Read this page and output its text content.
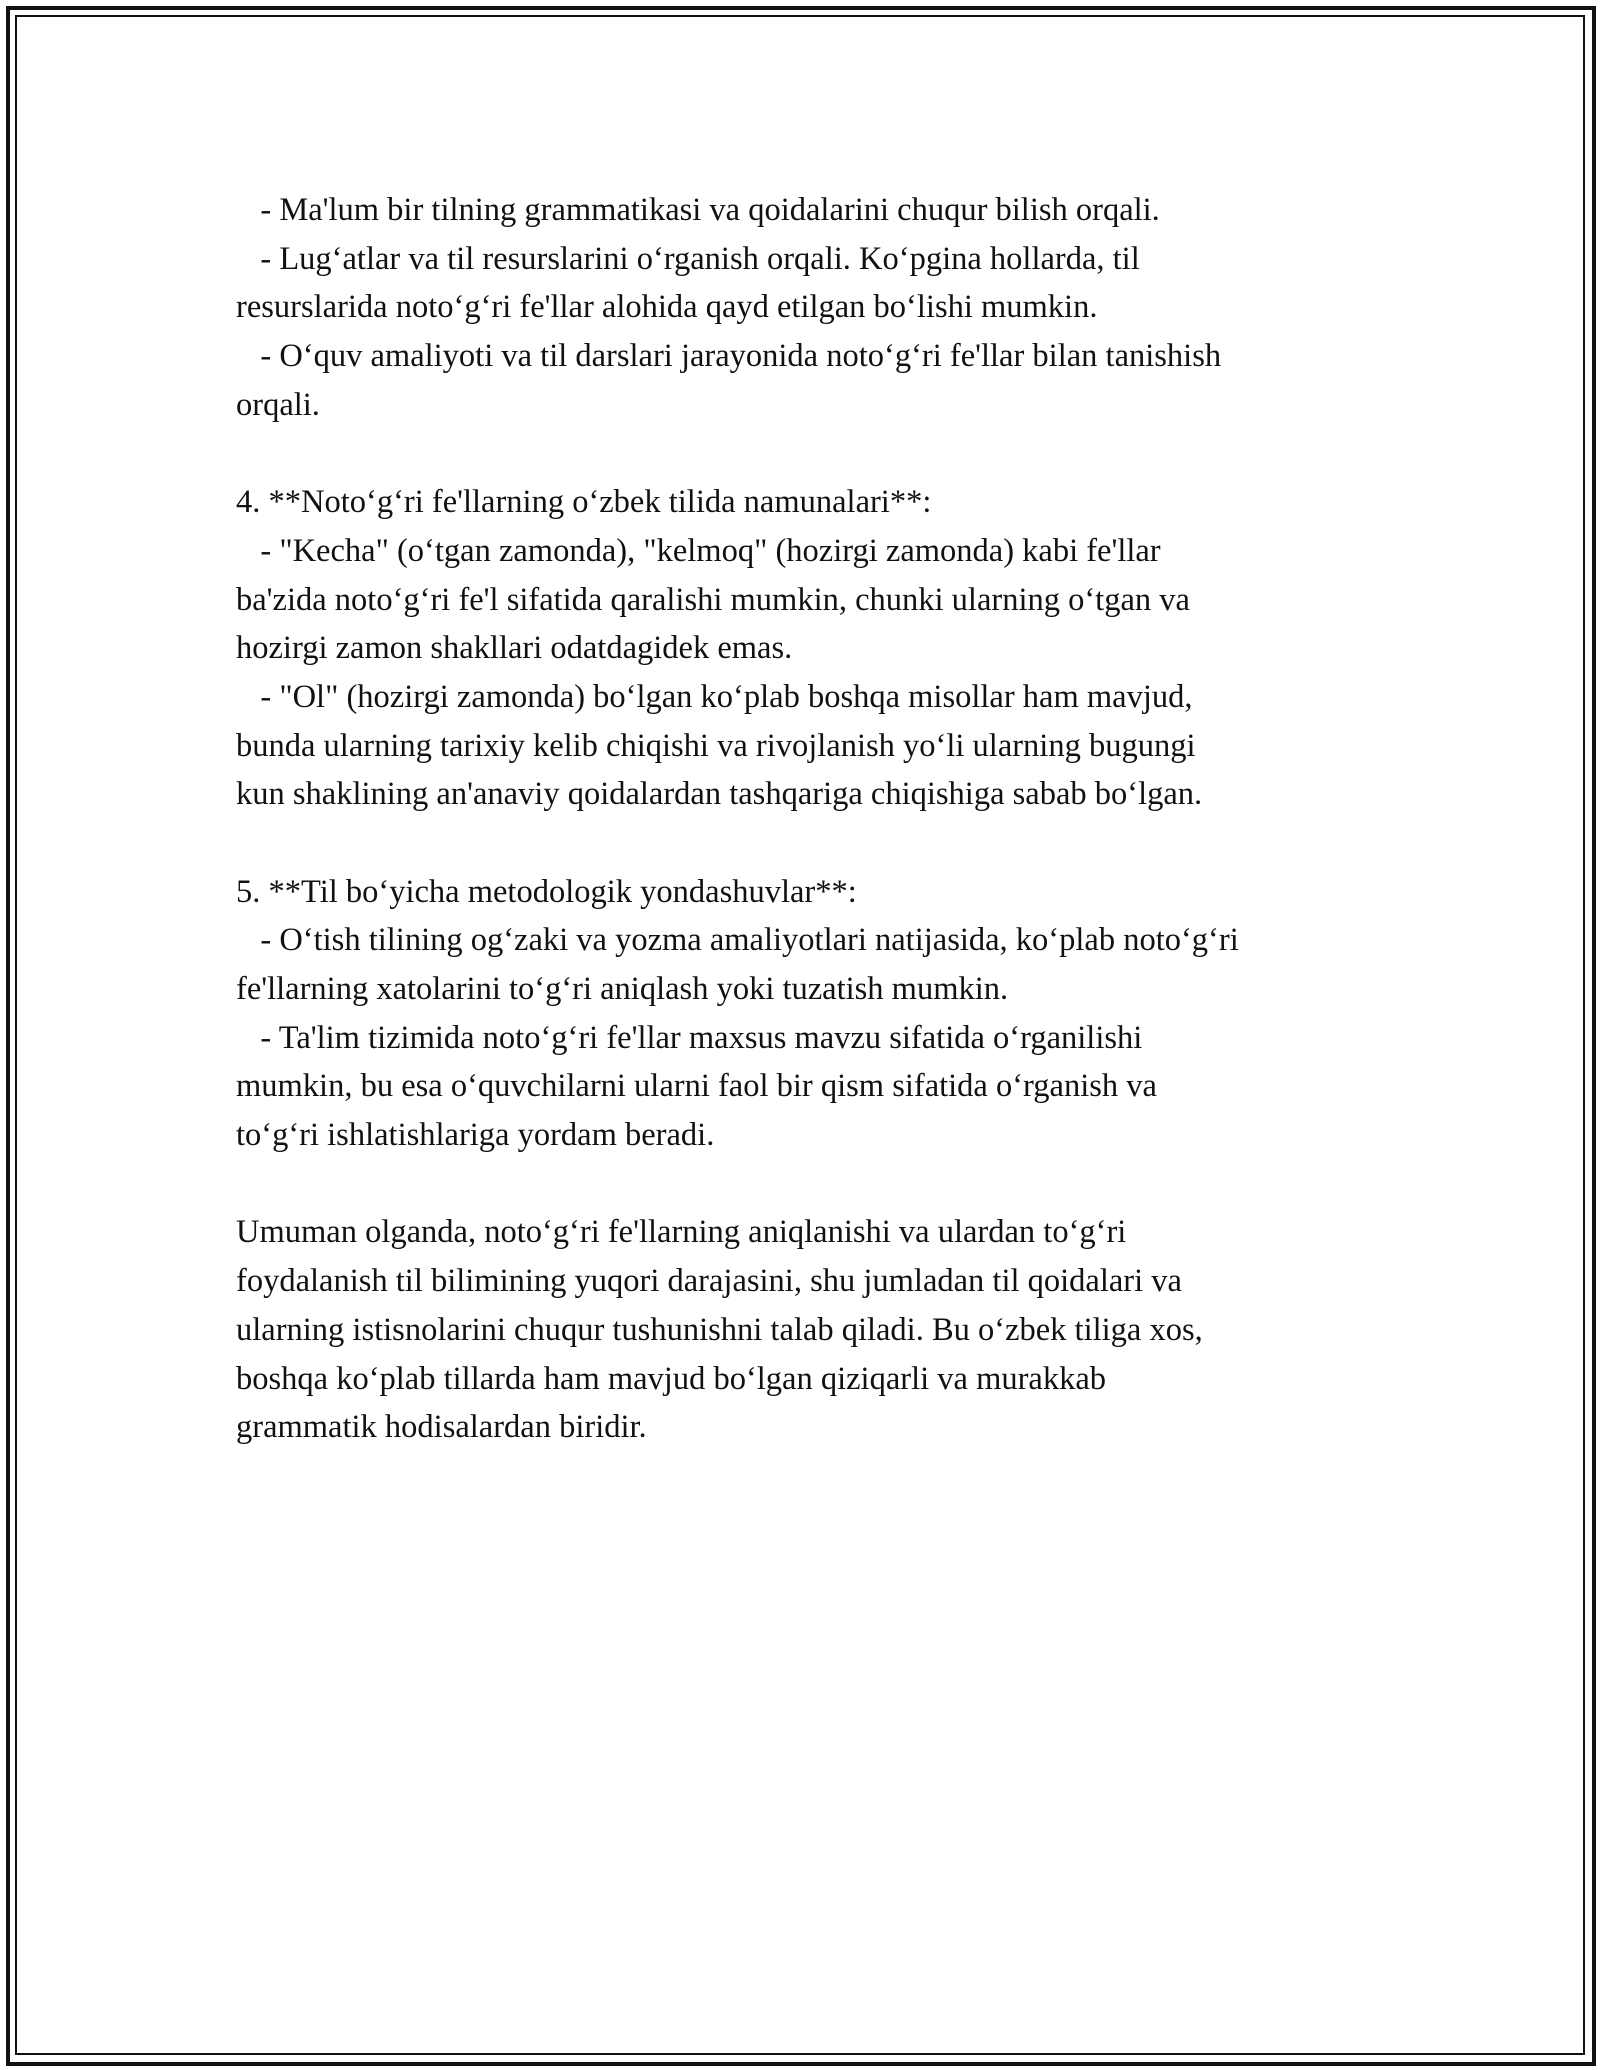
- Ma'lum bir tilning grammatikasi va qoidalarini chuqur bilish orqali.
- Lug‘atlar va til resurslarini o‘rganish orqali. Ko‘pgina hollarda, til
resurslarida noto‘g‘ri fe'llar alohida qayd etilgan bo‘lishi mumkin.
- O‘quv amaliyoti va til darslari jarayonida noto‘g‘ri fe'llar bilan tanishish
orqali.
4. **Noto‘g‘ri fe'llarning o‘zbek tilida namunalari**:
- "Kecha" (o‘tgan zamonda), "kelmoq" (hozirgi zamonda) kabi fe'llar
ba'zida noto‘g‘ri fe'l sifatida qaralishi mumkin, chunki ularning o‘tgan va
hozirgi zamon shakllari odatdagidek emas.
- "Ol" (hozirgi zamonda) bo‘lgan ko‘plab boshqa misollar ham mavjud,
bunda ularning tarixiy kelib chiqishi va rivojlanish yo‘li ularning bugungi
kun shaklining an'anaviy qoidalardan tashqariga chiqishiga sabab bo‘lgan.
5. **Til bo‘yicha metodologik yondashuvlar**:
- O‘tish tilining og‘zaki va yozma amaliyotlari natijasida, ko‘plab noto‘g‘ri
fe'llarning xatolarini to‘g‘ri aniqlash yoki tuzatish mumkin.
- Ta'lim tizimida noto‘g‘ri fe'llar maxsus mavzu sifatida o‘rganilishi
mumkin, bu esa o‘quvchilarni ularni faol bir qism sifatida o‘rganish va
to‘g‘ri ishlatishlariga yordam beradi.
Umuman olganda, noto‘g‘ri fe'llarning aniqlanishi va ulardan to‘g‘ri
foydalanish til bilimining yuqori darajasini, shu jumladan til qoidalari va
ularning istisnolarini chuqur tushunishni talab qiladi. Bu o‘zbek tiliga xos,
boshqa ko‘plab tillarda ham mavjud bo‘lgan qiziqarli va murakkab
grammatik hodisalardan biridir.
